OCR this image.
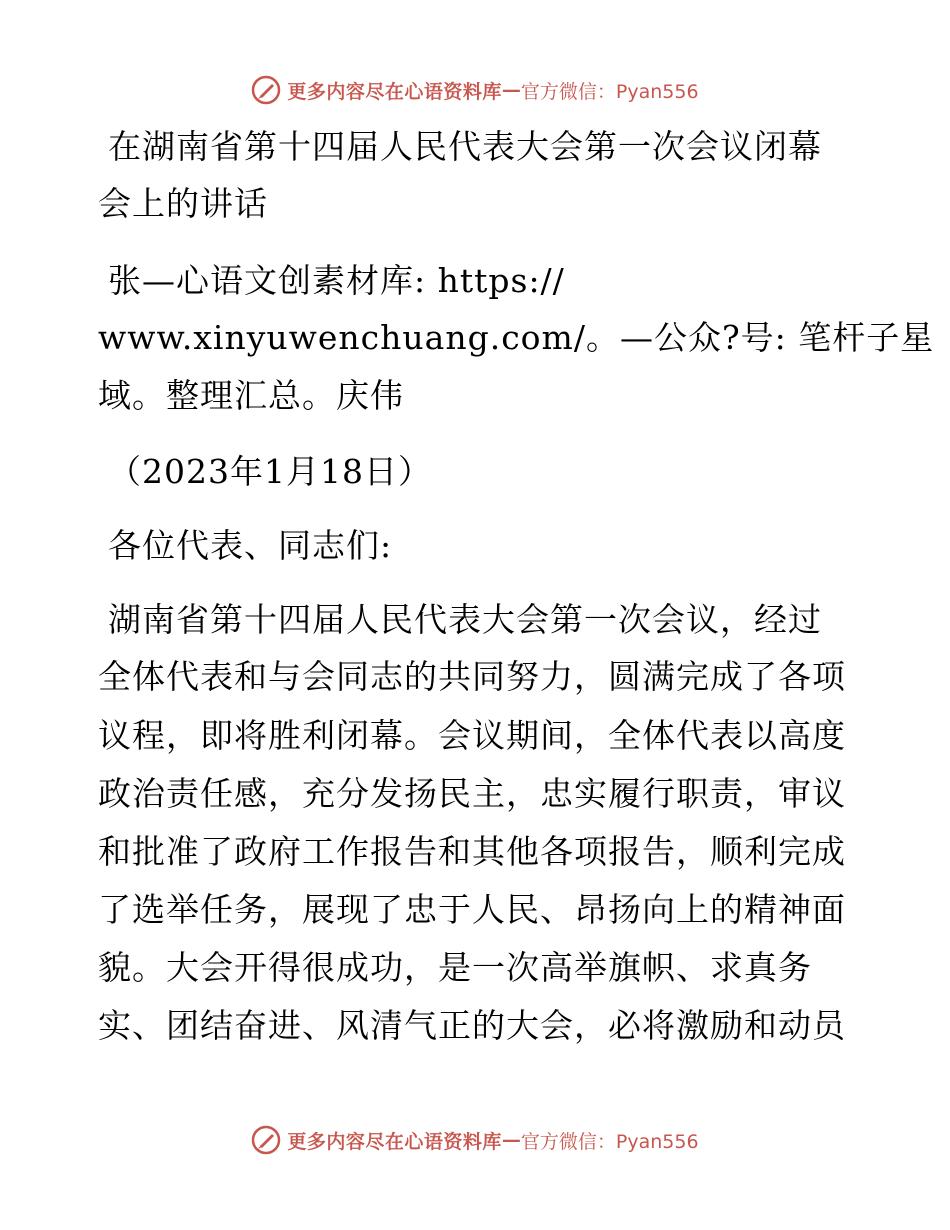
更多内容尽在心语资料库 — 官方微信：Pyan556
在湖南省第十四届人民代表大会第一次会议闭幕
会上的讲话
张—心语文创素材库: https://
www.xinyuwenchuang.com/。—公众?号: 笔杆子星
域。整理汇总。庆伟
（2023年1月18日）
各位代表、同志们:
湖南省第十四届人民代表大会第一次会议，经过
全体代表和与会同志的共同努力，圆满完成了各项
议程，即将胜利闭幕。会议期间，全体代表以高度
政治责任感，充分发扬民主，忠实履行职责，审议
和批准了政府工作报告和其他各项报告，顺利完成
了选举任务，展现了忠于人民、昂扬向上的精神面
貌。大会开得很成功，是一次高举旗帜、求真务
实、团结奋进、风清气正的大会，必将激励和动员
更多内容尽在心语资料库 — 官方微信：Pyan556
